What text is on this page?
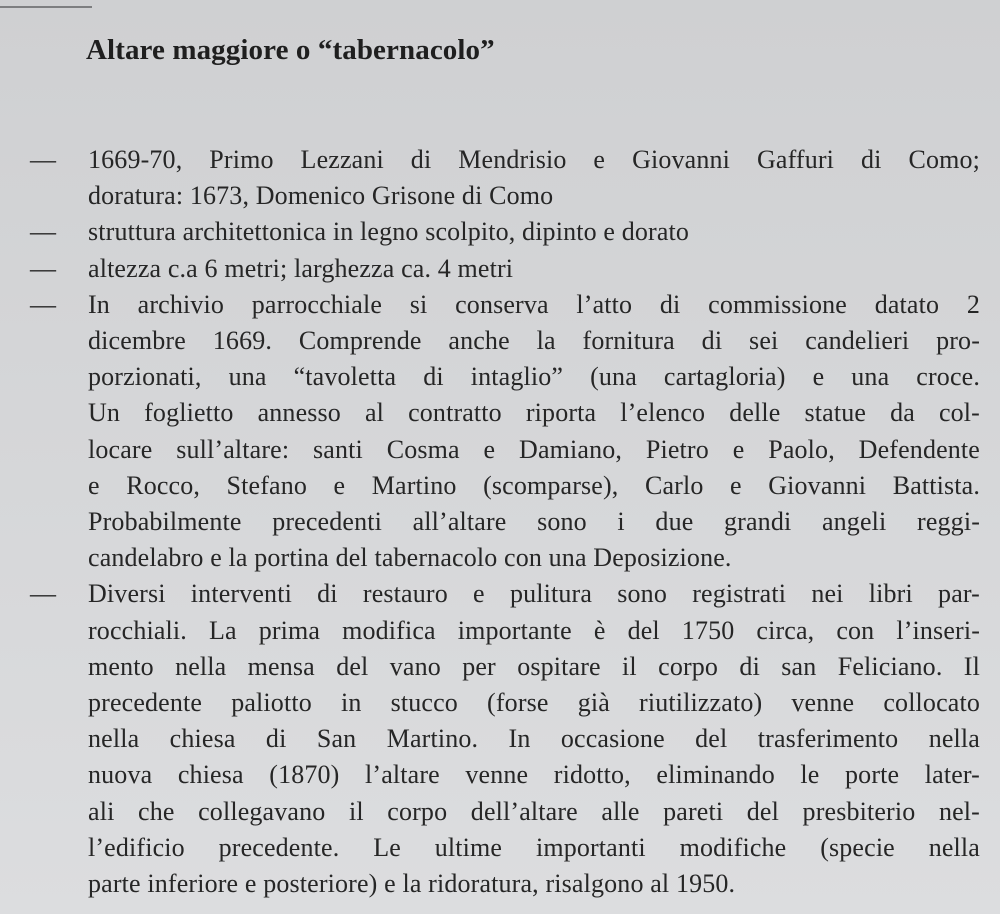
Altare maggiore o “tabernacolo”
—	1669-70, Primo Lezzani di Mendrisio e Giovanni Gaffuri di Como;
doratura: 1673, Domenico Grisone di Como
—	struttura architettonica in legno scolpito, dipinto e dorato
—	altezza c.a 6 metri; larghezza ca. 4 metri
—	In archivio parrocchiale si conserva l’atto di commissione datato 2
dicembre 1669. Comprende anche la fornitura di sei candelieri pro-
porzionati, una “tavoletta di intaglio” (una cartagloria) e una croce.
Un foglietto annesso al contratto riporta l’elenco delle statue da col-
locare sull’altare: santi Cosma e Damiano, Pietro e Paolo, Defendente
e Rocco, Stefano e Martino (scomparse), Carlo e Giovanni Battista.
Probabilmente precedenti all’altare sono i due grandi angeli reggi-
candelabro e la portina del tabernacolo con una Deposizione.
—	Diversi interventi di restauro e pulitura sono registrati nei libri par-
rocchiali. La prima modifica importante è del 1750 circa, con l’inseri-
mento nella mensa del vano per ospitare il corpo di san Feliciano. Il
precedente paliotto in stucco (forse già riutilizzato) venne collocato
nella chiesa di San Martino. In occasione del trasferimento nella
nuova chiesa (1870) l’altare venne ridotto, eliminando le porte later-
ali che collegavano il corpo dell’altare alle pareti del presbiterio nel-
l’edificio precedente. Le ultime importanti modifiche (specie nella
parte inferiore e posteriore) e la ridoratura, risalgono al 1950.
